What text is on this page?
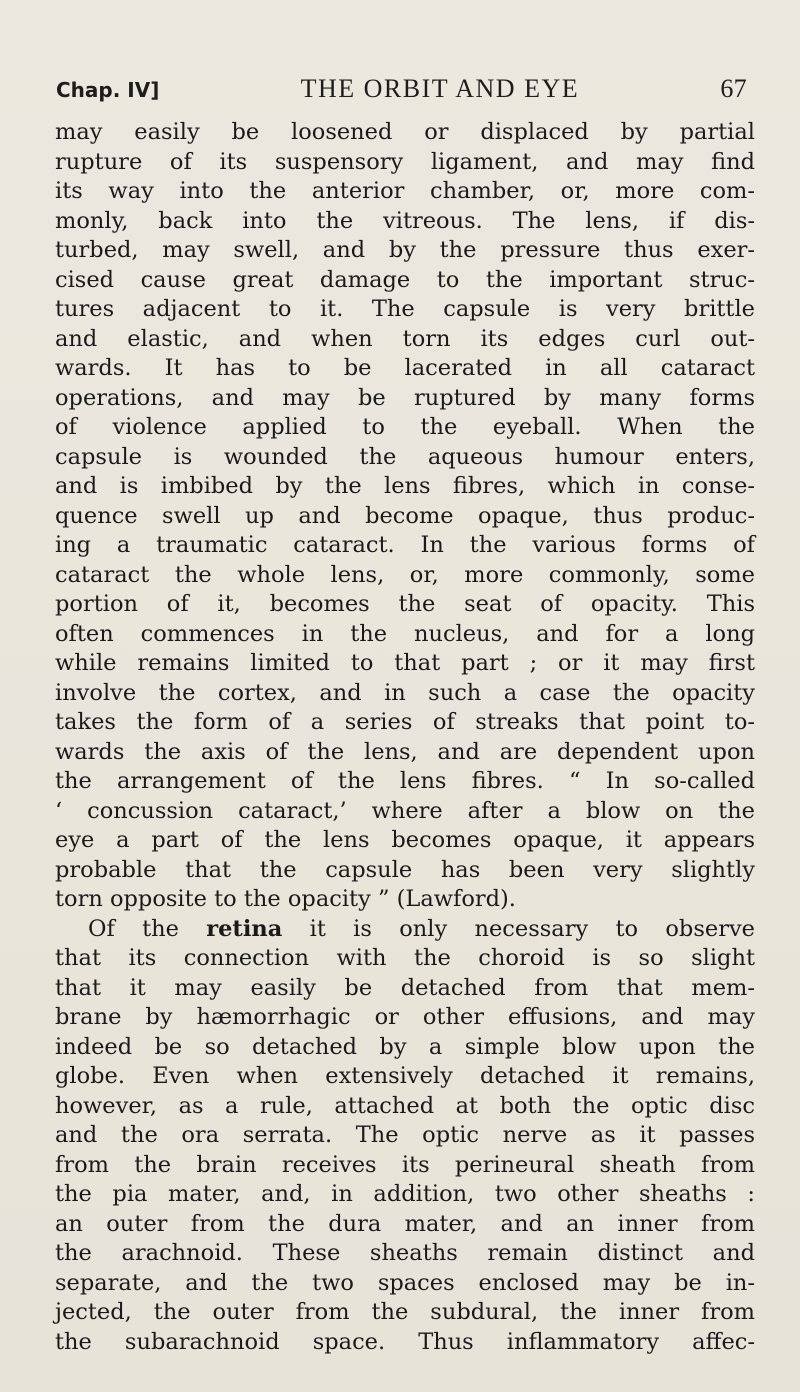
Chap. IV]	THE ORBIT AND EYE	67
may easily be loosened or displaced by partial
rupture of its suspensory ligament, and may find
its way into the anterior chamber, or, more com-
monly, back into the vitreous. The lens, if dis-
turbed, may swell, and by the pressure thus exer-
cised cause great damage to the important struc-
tures adjacent to it. The capsule is very brittle
and elastic, and when torn its edges curl out-
wards. It has to be lacerated in all cataract
operations, and may be ruptured by many forms
of violence applied to the eyeball. When the
capsule is wounded the aqueous humour enters,
and is imbibed by the lens fibres, which in conse-
quence swell up and become opaque, thus produc-
ing a traumatic cataract. In the various forms of
cataract the whole lens, or, more commonly, some
portion of it, becomes the seat of opacity. This
often commences in the nucleus, and for a long
while remains limited to that part ; or it may first
involve the cortex, and in such a case the opacity
takes the form of a series of streaks that point to-
wards the axis of the lens, and are dependent upon
the arrangement of the lens fibres. “ In so-called
‘ concussion cataract,’ where after a blow on the
eye a part of the lens becomes opaque, it appears
probable that the capsule has been very slightly
torn opposite to the opacity ” (Lawford).
Of the retina it is only necessary to observe
that its connection with the choroid is so slight
that it may easily be detached from that mem-
brane by hæmorrhagic or other effusions, and may
indeed be so detached by a simple blow upon the
globe. Even when extensively detached it remains,
however, as a rule, attached at both the optic disc
and the ora serrata. The optic nerve as it passes
from the brain receives its perineural sheath from
the pia mater, and, in addition, two other sheaths :
an outer from the dura mater, and an inner from
the arachnoid. These sheaths remain distinct and
separate, and the two spaces enclosed may be in-
jected, the outer from the subdural, the inner from
the subarachnoid space. Thus inflammatory affec-
